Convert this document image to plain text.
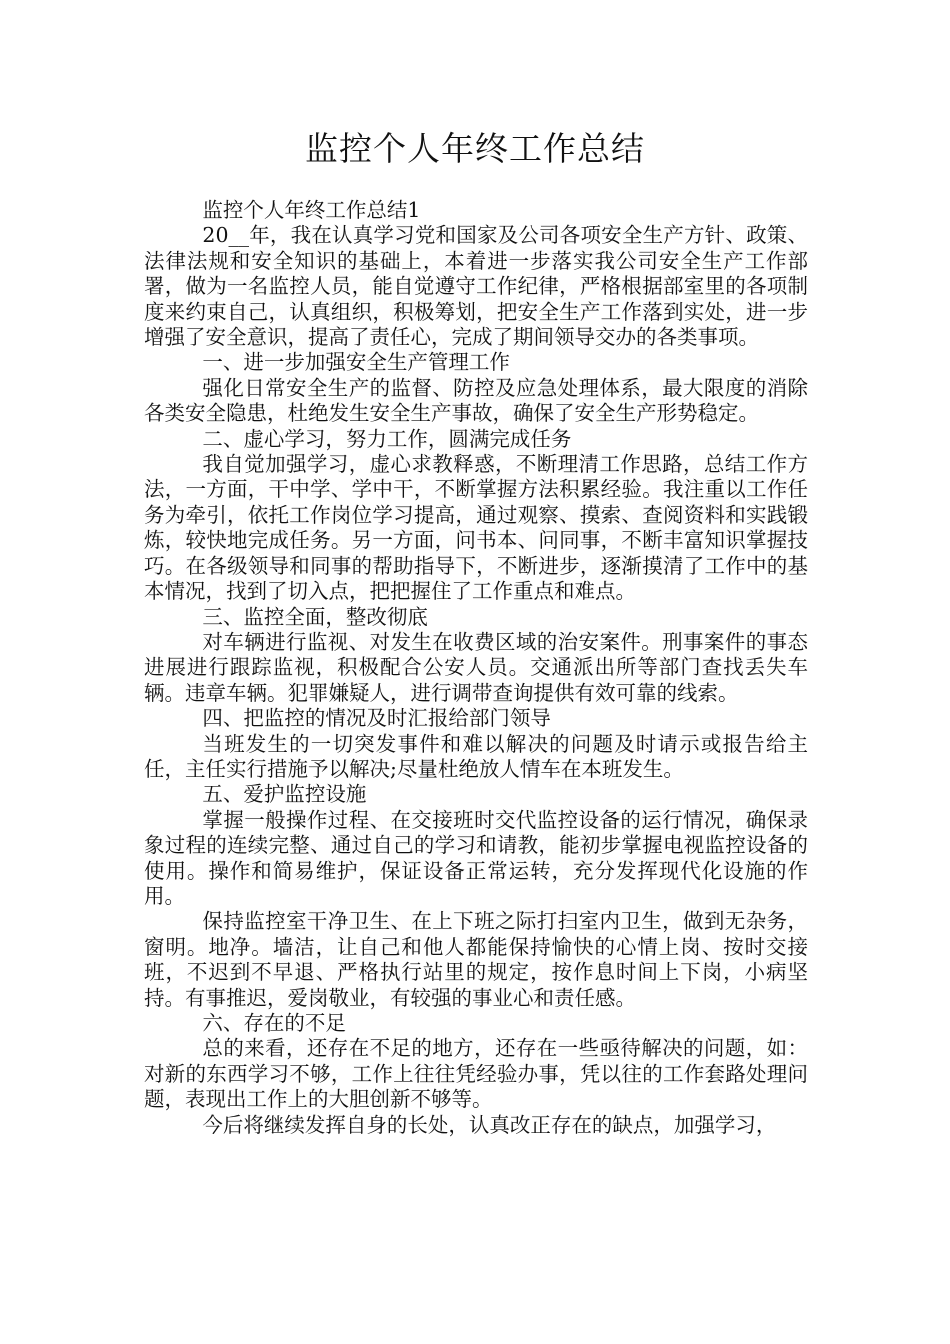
监控个人年终工作总结

监控个人年终工作总结1

20__年，我在认真学习党和国家及公司各项安全生产方针、政策、法律法规和安全知识的基础上，本着进一步落实我公司安全生产工作部署，做为一名监控人员，能自觉遵守工作纪律，严格根据部室里的各项制度来约束自己，认真组织，积极筹划，把安全生产工作落到实处，进一步增强了安全意识，提高了责任心，完成了期间领导交办的各类事项。

一、进一步加强安全生产管理工作

强化日常安全生产的监督、防控及应急处理体系，最大限度的消除各类安全隐患，杜绝发生安全生产事故，确保了安全生产形势稳定。

二、虚心学习，努力工作，圆满完成任务

我自觉加强学习，虚心求教释惑，不断理清工作思路，总结工作方法，一方面，干中学、学中干，不断掌握方法积累经验。我注重以工作任务为牵引，依托工作岗位学习提高，通过观察、摸索、查阅资料和实践锻炼，较快地完成任务。另一方面，问书本、问同事，不断丰富知识掌握技巧。在各级领导和同事的帮助指导下，不断进步，逐渐摸清了工作中的基本情况，找到了切入点，把把握住了工作重点和难点。

三、监控全面，整改彻底

对车辆进行监视、对发生在收费区域的治安案件。刑事案件的事态进展进行跟踪监视，积极配合公安人员。交通派出所等部门查找丢失车辆。违章车辆。犯罪嫌疑人，进行调带查询提供有效可靠的线索。

四、把监控的情况及时汇报给部门领导

当班发生的一切突发事件和难以解决的问题及时请示或报告给主任，主任实行措施予以解决;尽量杜绝放人情车在本班发生。

五、爱护监控设施

掌握一般操作过程、在交接班时交代监控设备的运行情况，确保录象过程的连续完整、通过自己的学习和请教，能初步掌握电视监控设备的使用。操作和简易维护，保证设备正常运转，充分发挥现代化设施的作用。

保持监控室干净卫生、在上下班之际打扫室内卫生，做到无杂务，窗明。地净。墙洁，让自己和他人都能保持愉快的心情上岗、按时交接班，不迟到不早退、严格执行站里的规定，按作息时间上下岗，小病坚持。有事推迟，爱岗敬业，有较强的事业心和责任感。

六、存在的不足

总的来看，还存在不足的地方，还存在一些亟待解决的问题，如：对新的东西学习不够，工作上往往凭经验办事，凭以往的工作套路处理问题，表现出工作上的大胆创新不够等。

今后将继续发挥自身的长处，认真改正存在的缺点，加强学习，
